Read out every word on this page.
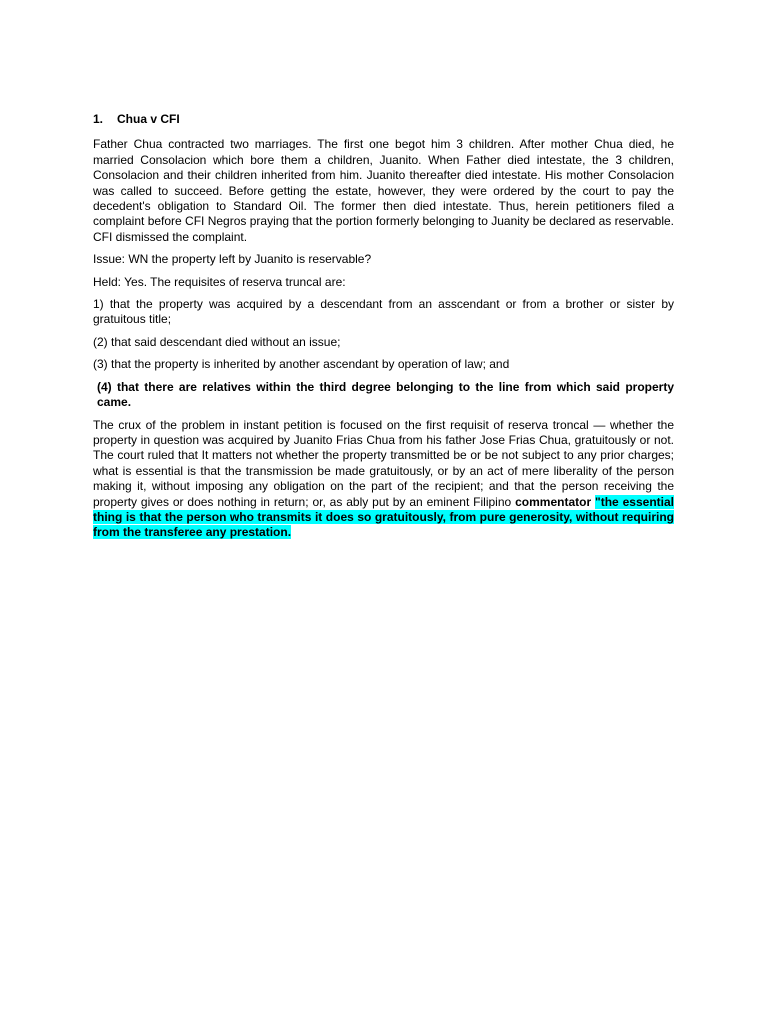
1. Chua v CFI

Father Chua contracted two marriages. The first one begot him 3 children. After mother Chua died, he married Consolacion which bore them a children, Juanito. When Father died intestate, the 3 children, Consolacion and their children inherited from him. Juanito thereafter died intestate. His mother Consolacion was called to succeed. Before getting the estate, however, they were ordered by the court to pay the decedent's obligation to Standard Oil. The former then died intestate. Thus, herein petitioners filed a complaint before CFI Negros praying that the portion formerly belonging to Juanity be declared as reservable. CFI dismissed the complaint.

Issue: WN the property left by Juanito is reservable?

Held: Yes. The requisites of reserva truncal are:

1) that the property was acquired by a descendant from an asscendant or from a brother or sister by gratuitous title;

(2) that said descendant died without an issue;

(3) that the property is inherited by another ascendant by operation of law; and

(4) that there are relatives within the third degree belonging to the line from which said property came.

The crux of the problem in instant petition is focused on the first requisit of reserva troncal — whether the property in question was acquired by Juanito Frias Chua from his father Jose Frias Chua, gratuitously or not. The court ruled that It matters not whether the property transmitted be or be not subject to any prior charges; what is essential is that the transmission be made gratuitously, or by an act of mere liberality of the person making it, without imposing any obligation on the part of the recipient; and that the person receiving the property gives or does nothing in return; or, as ably put by an eminent Filipino commentator "the essential thing is that the person who transmits it does so gratuitously, from pure generosity, without requiring from the transferee any prestation.
